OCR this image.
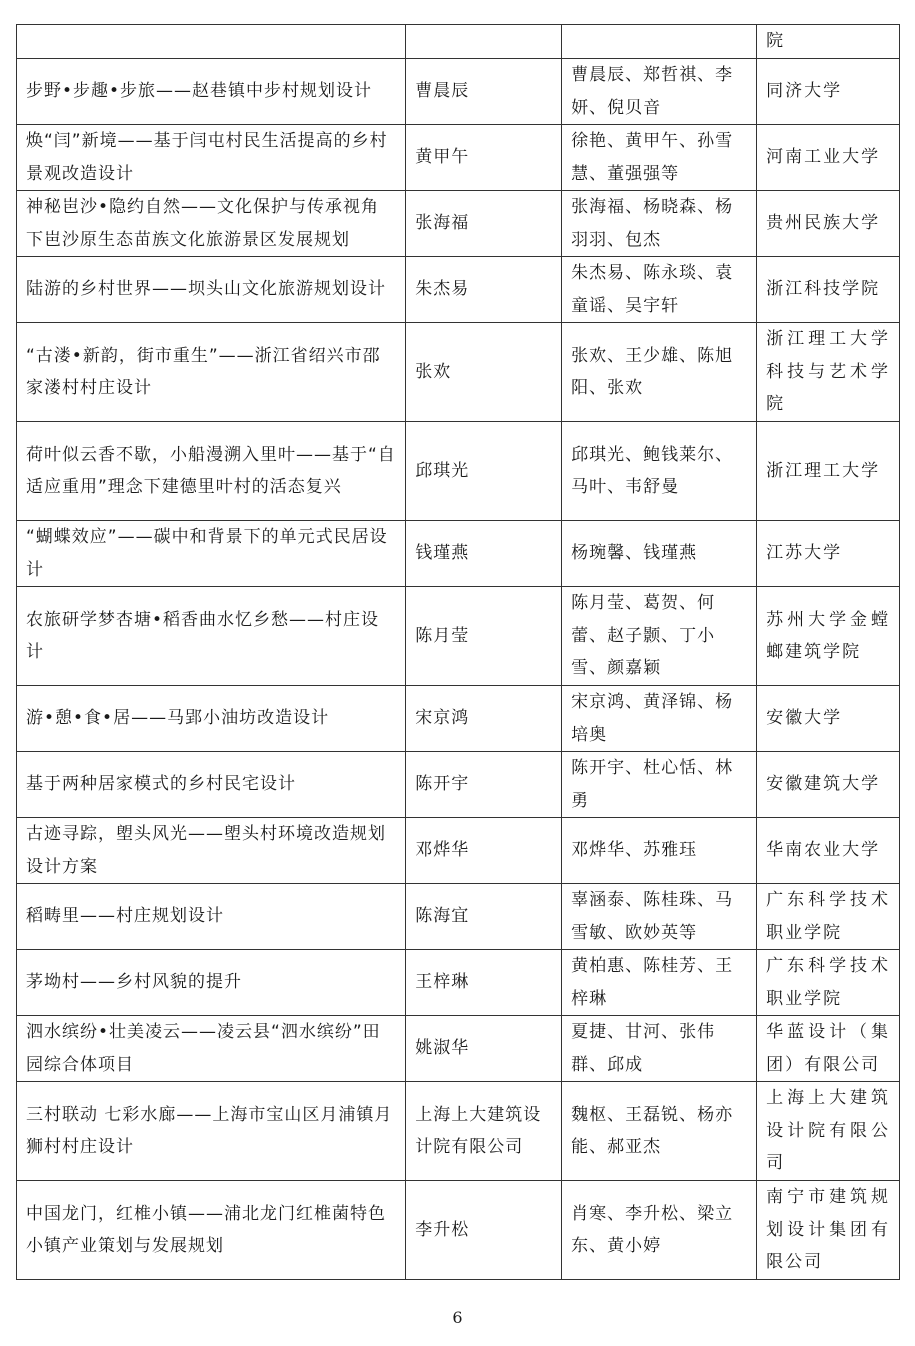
			院
步野•步趣•步旅——赵巷镇中步村规划设计	曹晨辰	曹晨辰、郑哲祺、李妍、倪贝音	同济大学
焕“闫”新境——基于闫屯村民生活提高的乡村景观改造设计	黄甲午	徐艳、黄甲午、孙雪慧、董强强等	河南工业大学
神秘岜沙•隐约自然——文化保护与传承视角下岜沙原生态苗族文化旅游景区发展规划	张海福	张海福、杨晓森、杨羽羽、包杰	贵州民族大学
陆游的乡村世界——坝头山文化旅游规划设计	朱杰易	朱杰易、陈永琰、袁童谣、吴宇轩	浙江科技学院
“古溇•新韵，街市重生”——浙江省绍兴市邵家溇村村庄设计	张欢	张欢、王少雄、陈旭阳、张欢	浙江理工大学科技与艺术学院
荷叶似云香不歇，小船漫溯入里叶——基于“自适应重用”理念下建德里叶村的活态复兴	邱琪光	邱琪光、鲍钱莱尔、马叶、韦舒曼	浙江理工大学
“蝴蝶效应”——碳中和背景下的单元式民居设计	钱瑾燕	杨琬馨、钱瑾燕	江苏大学
农旅研学梦杏塘•稻香曲水忆乡愁——村庄设计	陈月莹	陈月莹、葛贺、何蕾、赵子颢、丁小雪、颜嘉颖	苏州大学金螳螂建筑学院
游•憩•食•居——马郢小油坊改造设计	宋京鸿	宋京鸿、黄泽锦、杨培奥	安徽大学
基于两种居家模式的乡村民宅设计	陈开宇	陈开宇、杜心恬、林勇	安徽建筑大学
古迹寻踪，塱头风光——塱头村环境改造规划设计方案	邓烨华	邓烨华、苏雅珏	华南农业大学
稻畴里——村庄规划设计	陈海宜	辜涵泰、陈桂珠、马雪敏、欧妙英等	广东科学技术职业学院
茅坳村——乡村风貌的提升	王梓琳	黄柏惠、陈桂芳、王梓琳	广东科学技术职业学院
泗水缤纷•壮美凌云——凌云县“泗水缤纷”田园综合体项目	姚淑华	夏捷、甘河、张伟群、邱成	华蓝设计（集团）有限公司
三村联动 七彩水廊——上海市宝山区月浦镇月狮村村庄设计	上海上大建筑设计院有限公司	魏枢、王磊锐、杨亦能、郝亚杰	上海上大建筑设计院有限公司
中国龙门，红椎小镇——浦北龙门红椎菌特色小镇产业策划与发展规划	李升松	肖寒、李升松、梁立东、黄小婷	南宁市建筑规划设计集团有限公司
6
